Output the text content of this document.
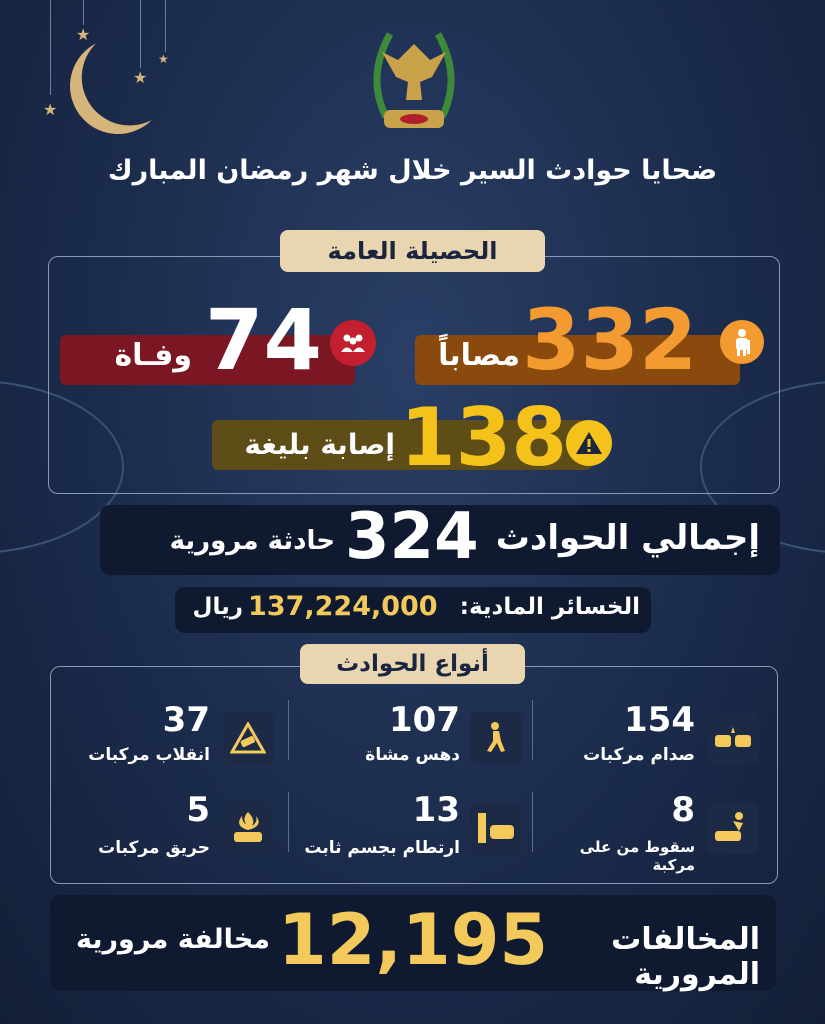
★
★
★
★
ضحايا حوادث السير خلال شهر رمضان المبارك
الحصيلة العامة
332
مصاباً
74
وفـاة
138
إصابة بليغة
إجمالي الحوادث
324
حادثة مرورية
الخسائر المادية:
137,224,000
ريال
أنواع الحوادث
154
صدام مركبات
107
دهس مشاة
37
انقلاب مركبات
8
سقوط من على مركبة
13
ارتطام بجسم ثابت
5
حريق مركبات
المخالفات المرورية
12,195
مخالفة مرورية
